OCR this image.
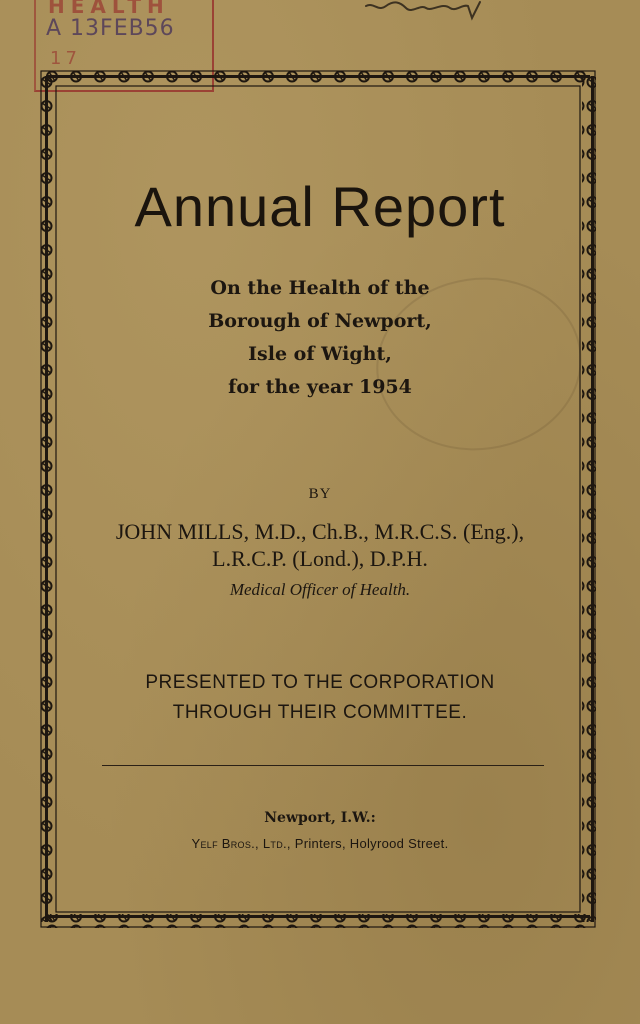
HEALTH
A 13FEB56
17
Annual Report
On the Health of the
Borough of Newport,
Isle of Wight,
for the year 1954
BY
JOHN MILLS, M.D., Ch.B., M.R.C.S. (Eng.),
L.R.C.P. (Lond.), D.P.H.
Medical Officer of Health.
PRESENTED TO THE CORPORATION
THROUGH THEIR COMMITTEE.
Newport, I.W.:
Yelf Bros., Ltd., Printers, Holyrood Street.
